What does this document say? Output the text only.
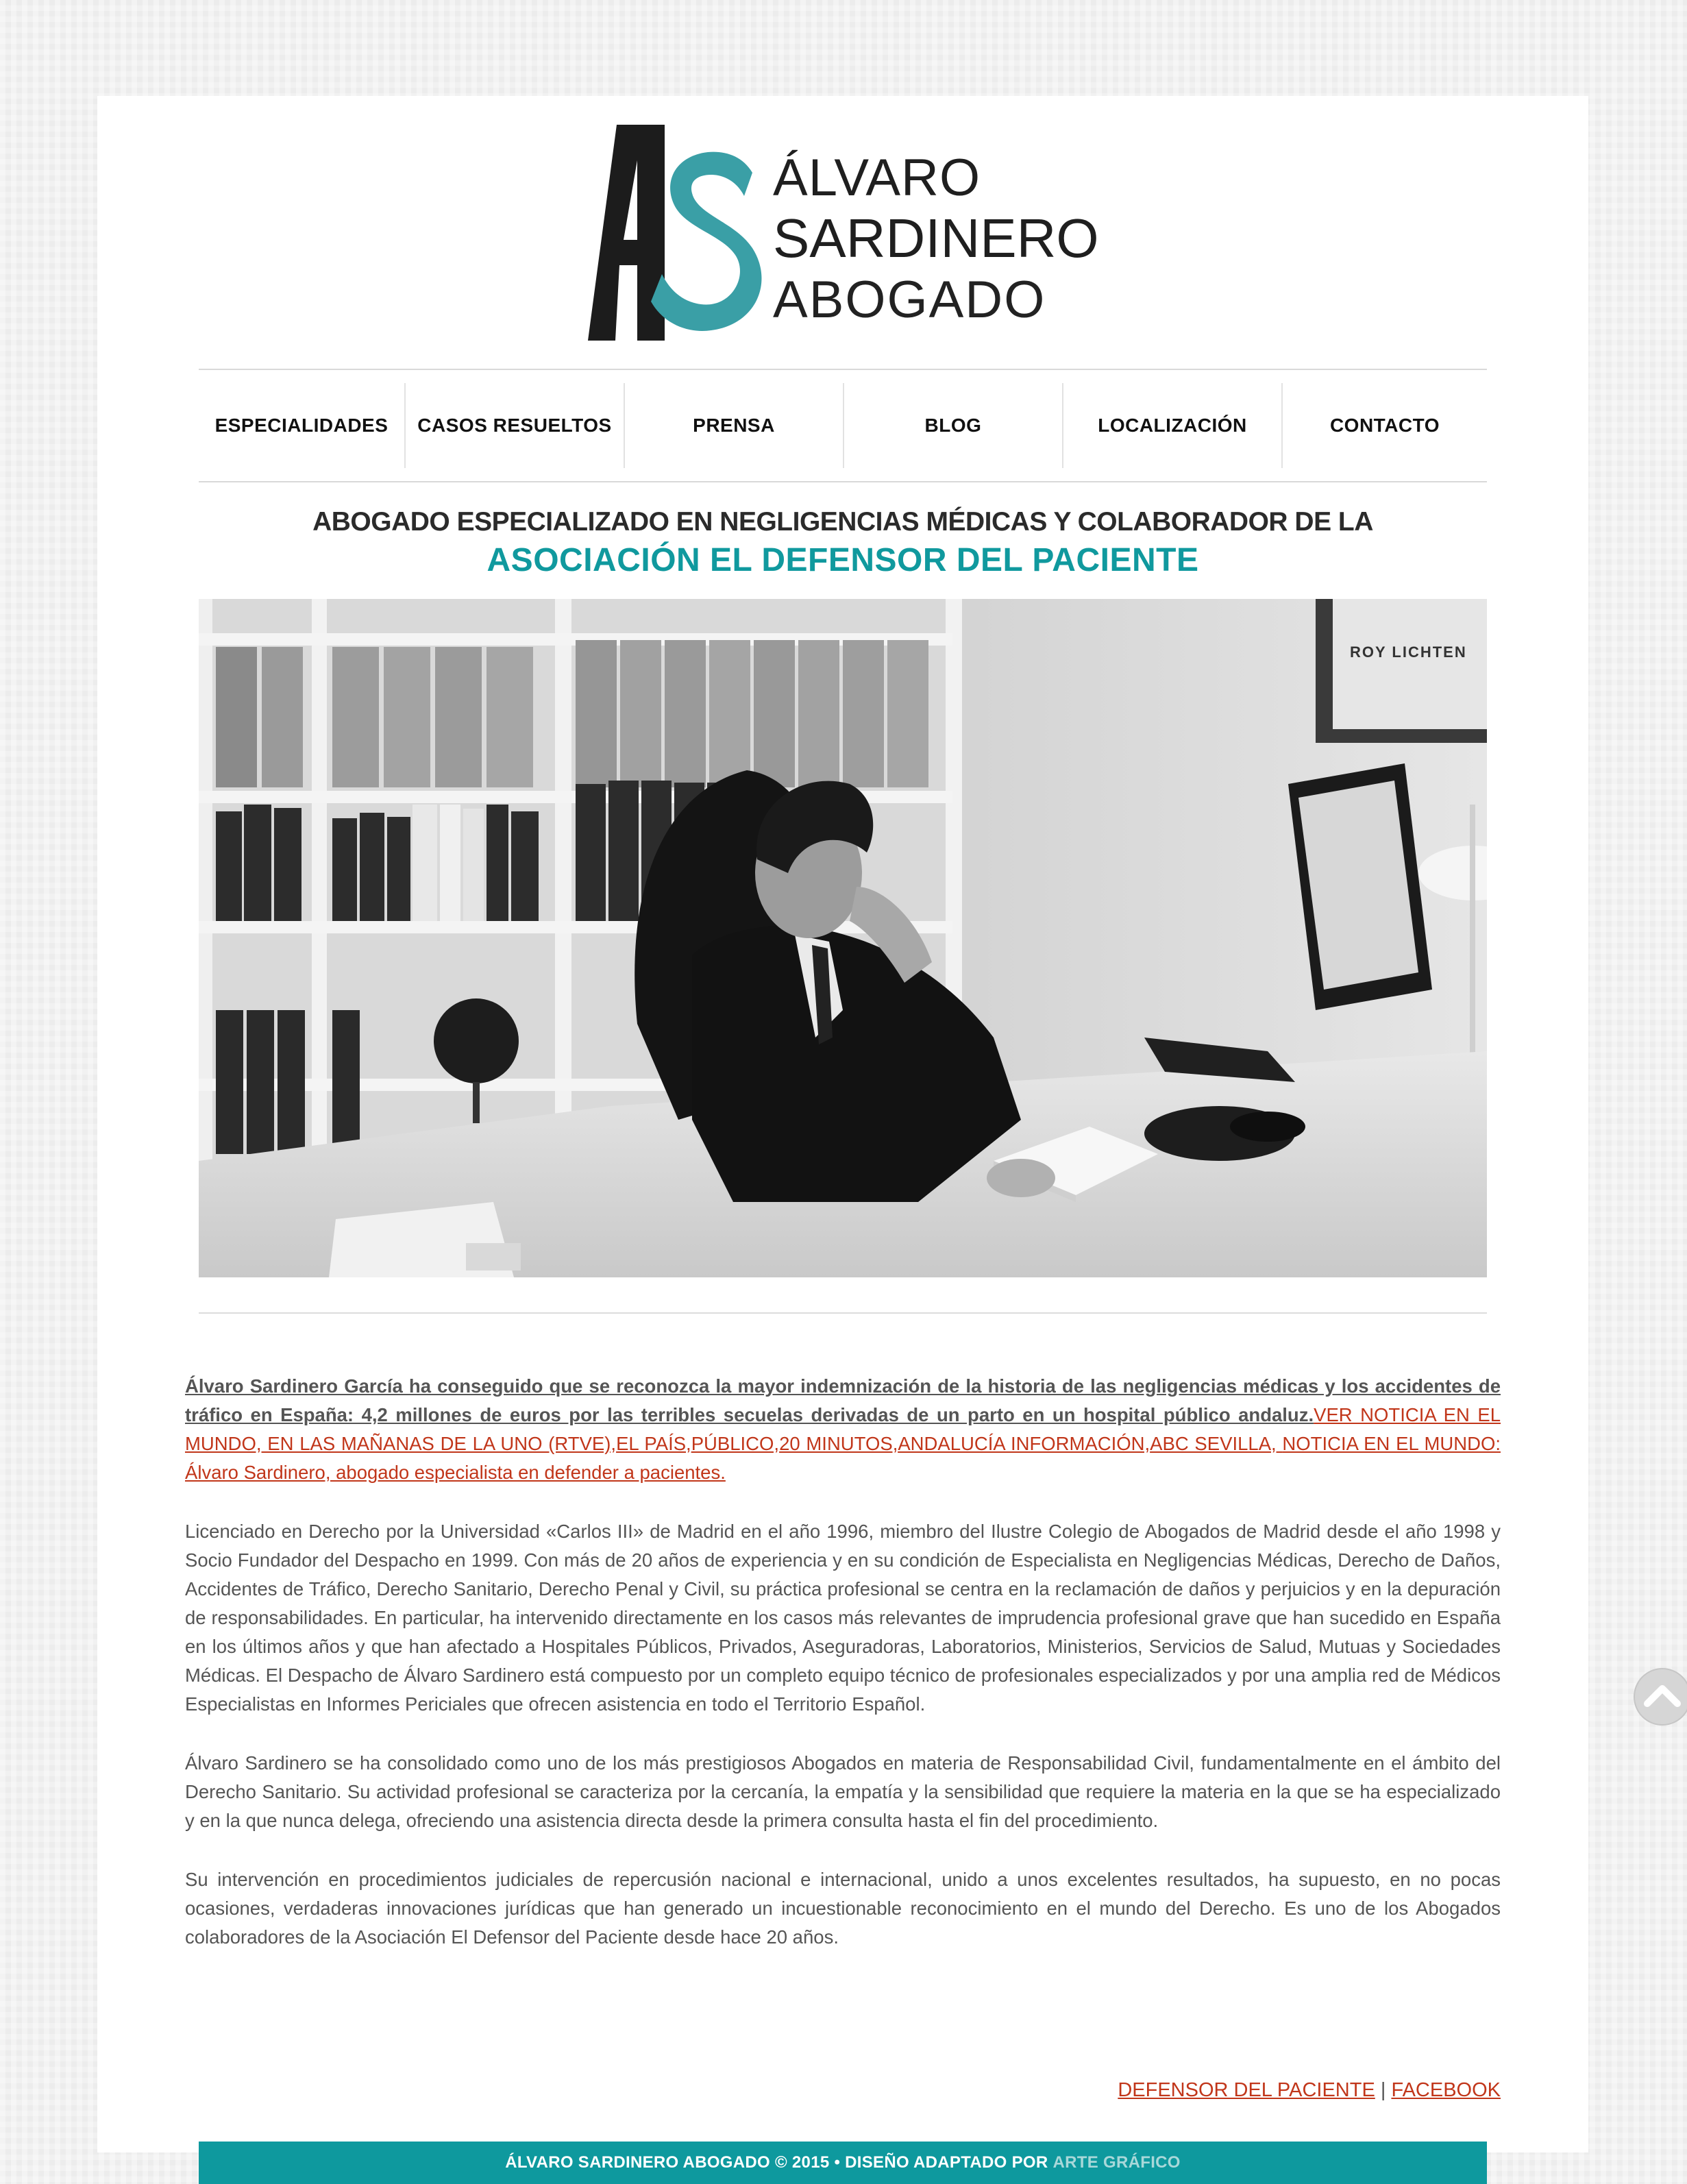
ÁLVARO
SARDINERO
ABOGADO
ESPECIALIDADES	CASOS RESUELTOS	PRENSA	BLOG	LOCALIZACIÓN	CONTACTO
ABOGADO ESPECIALIZADO EN NEGLIGENCIAS MÉDICAS Y COLABORADOR DE LA
ASOCIACIÓN EL DEFENSOR DEL PACIENTE
ROY LICHTEN

Álvaro Sardinero García ha conseguido que se reconozca la mayor indemnización de la historia de las negligencias médicas y los accidentes de tráfico en España: 4,2 millones de euros por las terribles secuelas derivadas de un parto en un hospital público andaluz.VER NOTICIA EN EL MUNDO, EN LAS MAÑANAS DE LA UNO (RTVE),EL PAÍS,PÚBLICO,20 MINUTOS,ANDALUCÍA INFORMACIÓN,ABC SEVILLA, NOTICIA EN EL MUNDO: Álvaro Sardinero, abogado especialista en defender a pacientes.

Licenciado en Derecho por la Universidad «Carlos III» de Madrid en el año 1996, miembro del Ilustre Colegio de Abogados de Madrid desde el año 1998 y Socio Fundador del Despacho en 1999. Con más de 20 años de experiencia y en su condición de Especialista en Negligencias Médicas, Derecho de Daños, Accidentes de Tráfico, Derecho Sanitario, Derecho Penal y Civil, su práctica profesional se centra en la reclamación de daños y perjuicios y en la depuración de responsabilidades. En particular, ha intervenido directamente en los casos más relevantes de imprudencia profesional grave que han sucedido en España en los últimos años y que han afectado a Hospitales Públicos, Privados, Aseguradoras, Laboratorios, Ministerios, Servicios de Salud, Mutuas y Sociedades Médicas. El Despacho de Álvaro Sardinero está compuesto por un completo equipo técnico de profesionales especializados y por una amplia red de Médicos Especialistas en Informes Periciales que ofrecen asistencia en todo el Territorio Español.

Álvaro Sardinero se ha consolidado como uno de los más prestigiosos Abogados en materia de Responsabilidad Civil, fundamentalmente en el ámbito del Derecho Sanitario. Su actividad profesional se caracteriza por la cercanía, la empatía y la sensibilidad que requiere la materia en la que se ha especializado y en la que nunca delega, ofreciendo una asistencia directa desde la primera consulta hasta el fin del procedimiento.

Su intervención en procedimientos judiciales de repercusión nacional e internacional, unido a unos excelentes resultados, ha supuesto, en no pocas ocasiones, verdaderas innovaciones jurídicas que han generado un incuestionable reconocimiento en el mundo del Derecho. Es uno de los Abogados colaboradores de la Asociación El Defensor del Paciente desde hace 20 años.

DEFENSOR DEL PACIENTE | FACEBOOK
ÁLVARO SARDINERO ABOGADO © 2015 • DISEÑO ADAPTADO POR ARTE GRÁFICO
